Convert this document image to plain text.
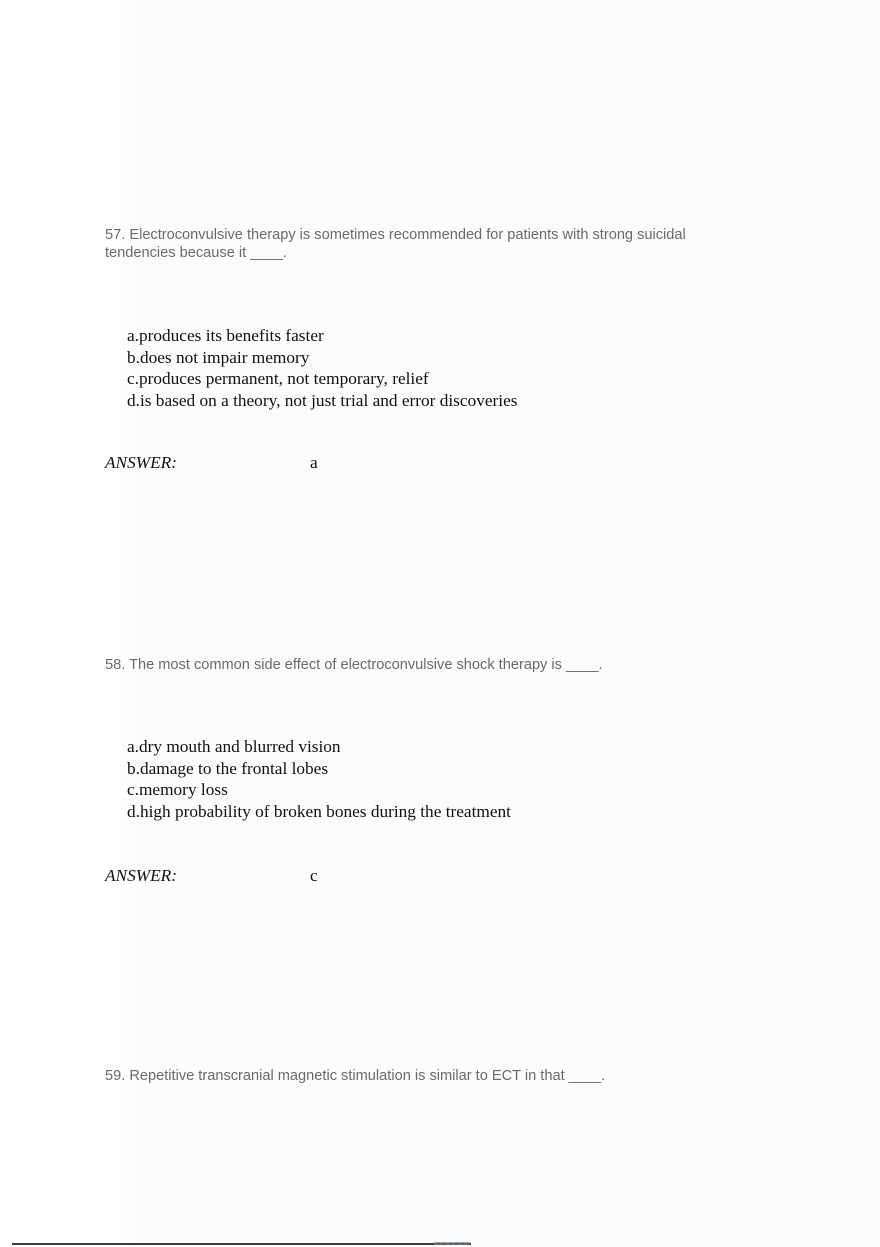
57. Electroconvulsive therapy is sometimes recommended for patients with strong suicidal tendencies because it ____.
a.produces its benefits faster
b.does not impair memory
c.produces permanent, not temporary, relief
d.is based on a theory, not just trial and error discoveries
ANSWER:	a
58. The most common side effect of electroconvulsive shock therapy is ____.
a.dry mouth and blurred vision
b.damage to the frontal lobes
c.memory loss
d.high probability of broken bones during the treatment
ANSWER:	c
59. Repetitive transcranial magnetic stimulation is similar to ECT in that ____.
